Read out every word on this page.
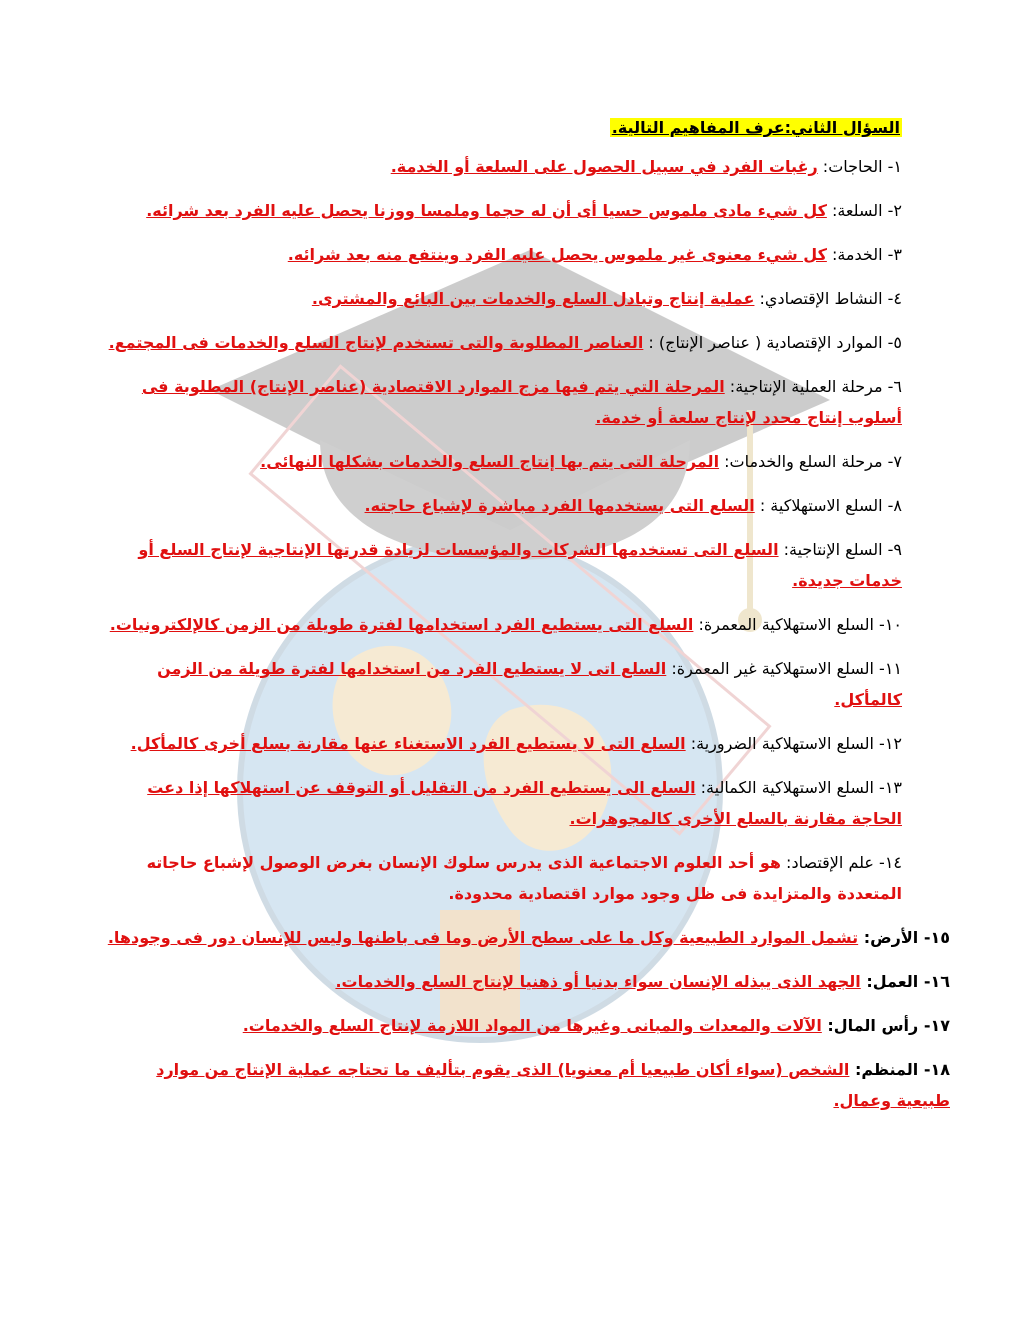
السؤال الثاني:عرف المفاهيم التالية.
١- الحاجات: رغبات الفرد في سبيل الحصول على السلعة أو الخدمة.
٢- السلعة: كل شيء مادى ملموس حسيا أى أن له حجما وملمسا ووزنا يحصل عليه الفرد بعد شرائه.
٣- الخدمة: كل شيء معنوى غير ملموس يحصل عليه الفرد وينتفع منه بعد شرائه.
٤- النشاط الإقتصادي: عملية إنتاج وتبادل السلع والخدمات بين البائع والمشترى.
٥- الموارد الإقتصادية ( عناصر الإنتاج) : العناصر المطلوبة والتى تستخدم لإنتاج السلع والخدمات فى المجتمع.
٦- مرحلة العملية الإنتاجية: المرحلة التي يتم فيها مزج الموارد الاقتصادية (عناصر الإنتاج) المطلوبة فى أسلوب إنتاج محدد لإنتاج سلعة أو خدمة.
٧- مرحلة السلع والخدمات: المرحلة التى يتم بها إنتاج السلع والخدمات بشكلها النهائى.
٨- السلع الاستهلاكية : السلع التى يستخدمها الفرد مباشرة لإشباع حاجته.
٩- السلع الإنتاجية: السلع التى تستخدمها الشركات والمؤسسات لزيادة قدرتها الإنتاجية لإنتاج السلع أو خدمات جديدة.
١٠- السلع الاستهلاكية المعمرة: السلع التى يستطيع الفرد استخدامها لفترة طويلة من الزمن كالإلكترونيات.
١١- السلع الاستهلاكية غير المعمرة: السلع اتى لا يستطيع الفرد من استخدامها لفترة طويلة من الزمن كالمأكل.
١٢- السلع الاستهلاكية الضرورية: السلع التى لا يستطيع الفرد الاستغناء عنها مقارنة بسلع أخرى كالمأكل.
١٣- السلع الاستهلاكية الكمالية: السلع الى يستطيع الفرد من التقليل أو التوقف عن استهلاكها إذا دعت الحاجة مقارنة بالسلع الأخرى كالمجوهرات.
١٤- علم الإقتصاد: هو أحد العلوم الاجتماعية الذى يدرس سلوك الإنسان بغرض الوصول لإشباع حاجاته المتعددة والمتزايدة فى ظل وجود موارد اقتصادية محدودة.
١٥- الأرض: تشمل الموارد الطبيعية وكل ما على سطح الأرض وما فى باطنها وليس للإنسان دور فى وجودها.
١٦- العمل: الجهد الذى يبذله الإنسان سواء بدنيا أو ذهنيا لإنتاج السلع والخدمات.
١٧- رأس المال: الآلات والمعدات والمبانى وغيرها من المواد اللازمة لإنتاج السلع والخدمات.
١٨- المنظم: الشخص (سواء أكان طبيعيا أم معنويا) الذى يقوم بتأليف ما تحتاجه عملية الإنتاج من موارد طبيعية وعمال.
